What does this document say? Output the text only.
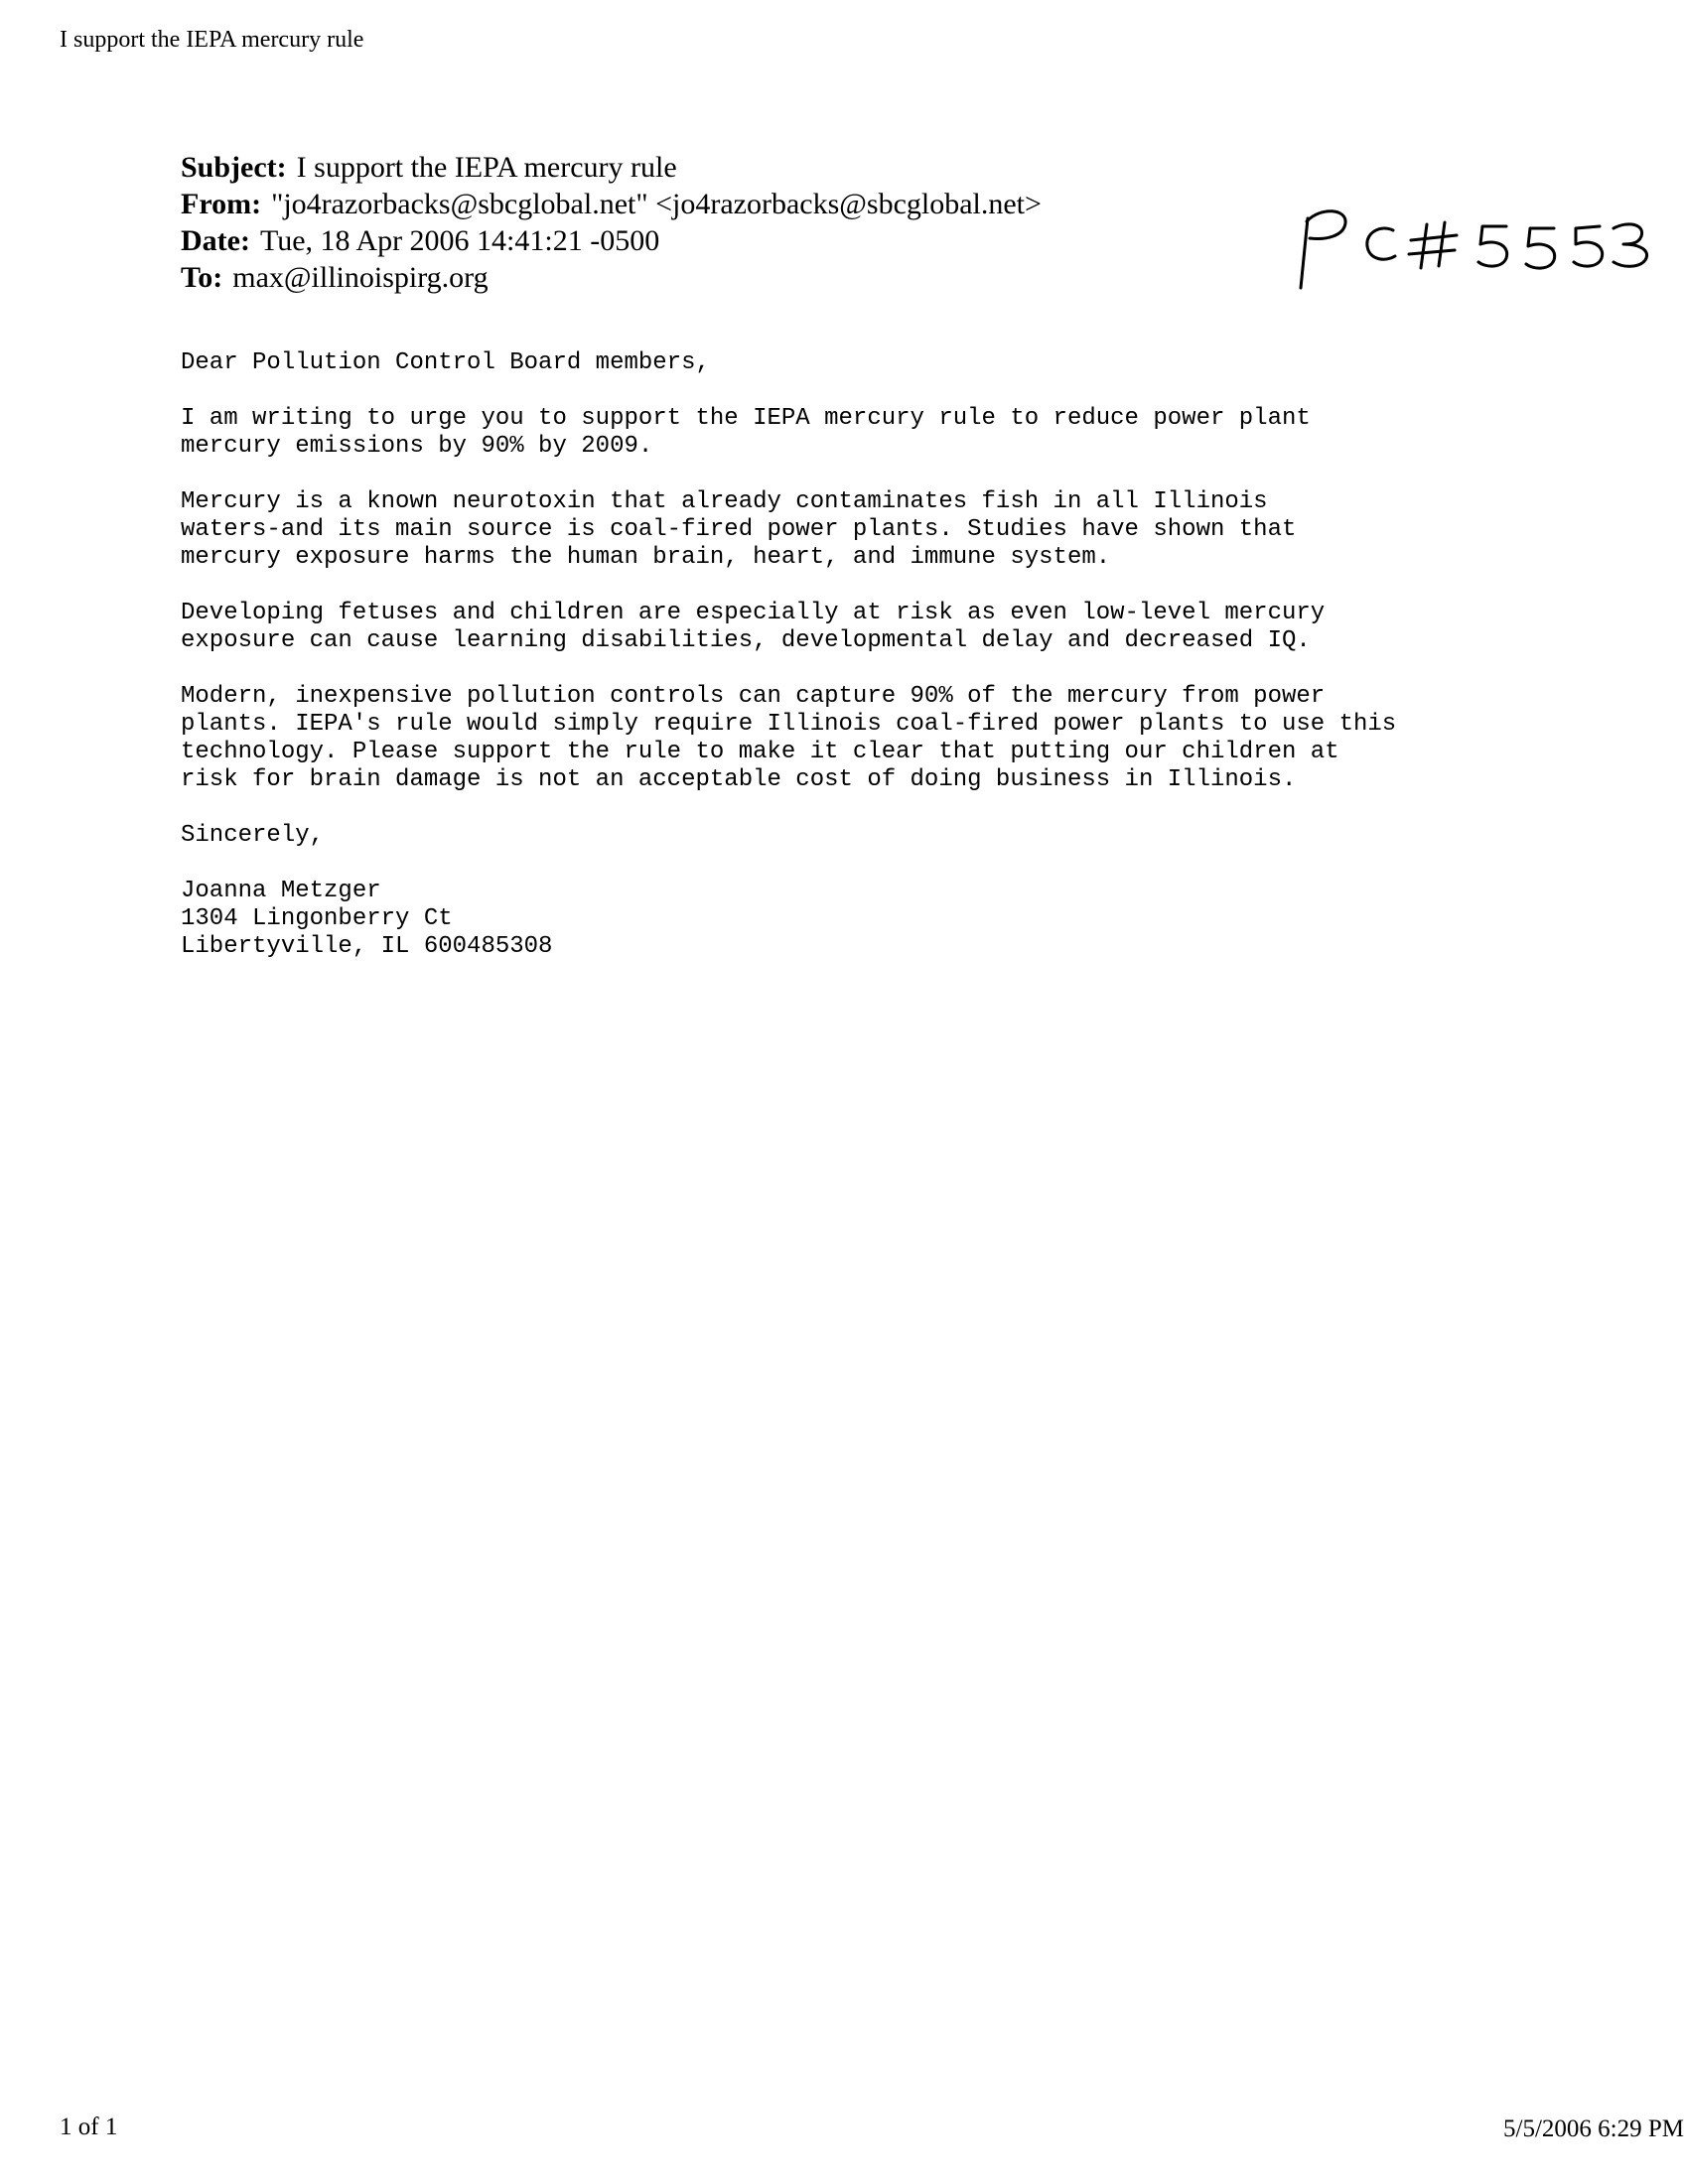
I support the IEPA mercury rule
Subject: I support the IEPA mercury rule
From: "jo4razorbacks@sbcglobal.net" <jo4razorbacks@sbcglobal.net>
Date: Tue, 18 Apr 2006 14:41:21 -0500
To: max@illinoispirg.org
Dear Pollution Control Board members,
I am writing to urge you to support the IEPA mercury rule to reduce power plant
mercury emissions by 90% by 2009.
Mercury is a known neurotoxin that already contaminates fish in all Illinois
waters-and its main source is coal-fired power plants. Studies have shown that
mercury exposure harms the human brain, heart, and immune system.
Developing fetuses and children are especially at risk as even low-level mercury
exposure can cause learning disabilities, developmental delay and decreased IQ.
Modern, inexpensive pollution controls can capture 90% of the mercury from power
plants. IEPA's rule would simply require Illinois coal-fired power plants to use this
technology. Please support the rule to make it clear that putting our children at
risk for brain damage is not an acceptable cost of doing business in Illinois.
Sincerely,
Joanna Metzger
1304 Lingonberry Ct
Libertyville, IL 600485308
1 of 1	5/5/2006 6:29 PM
